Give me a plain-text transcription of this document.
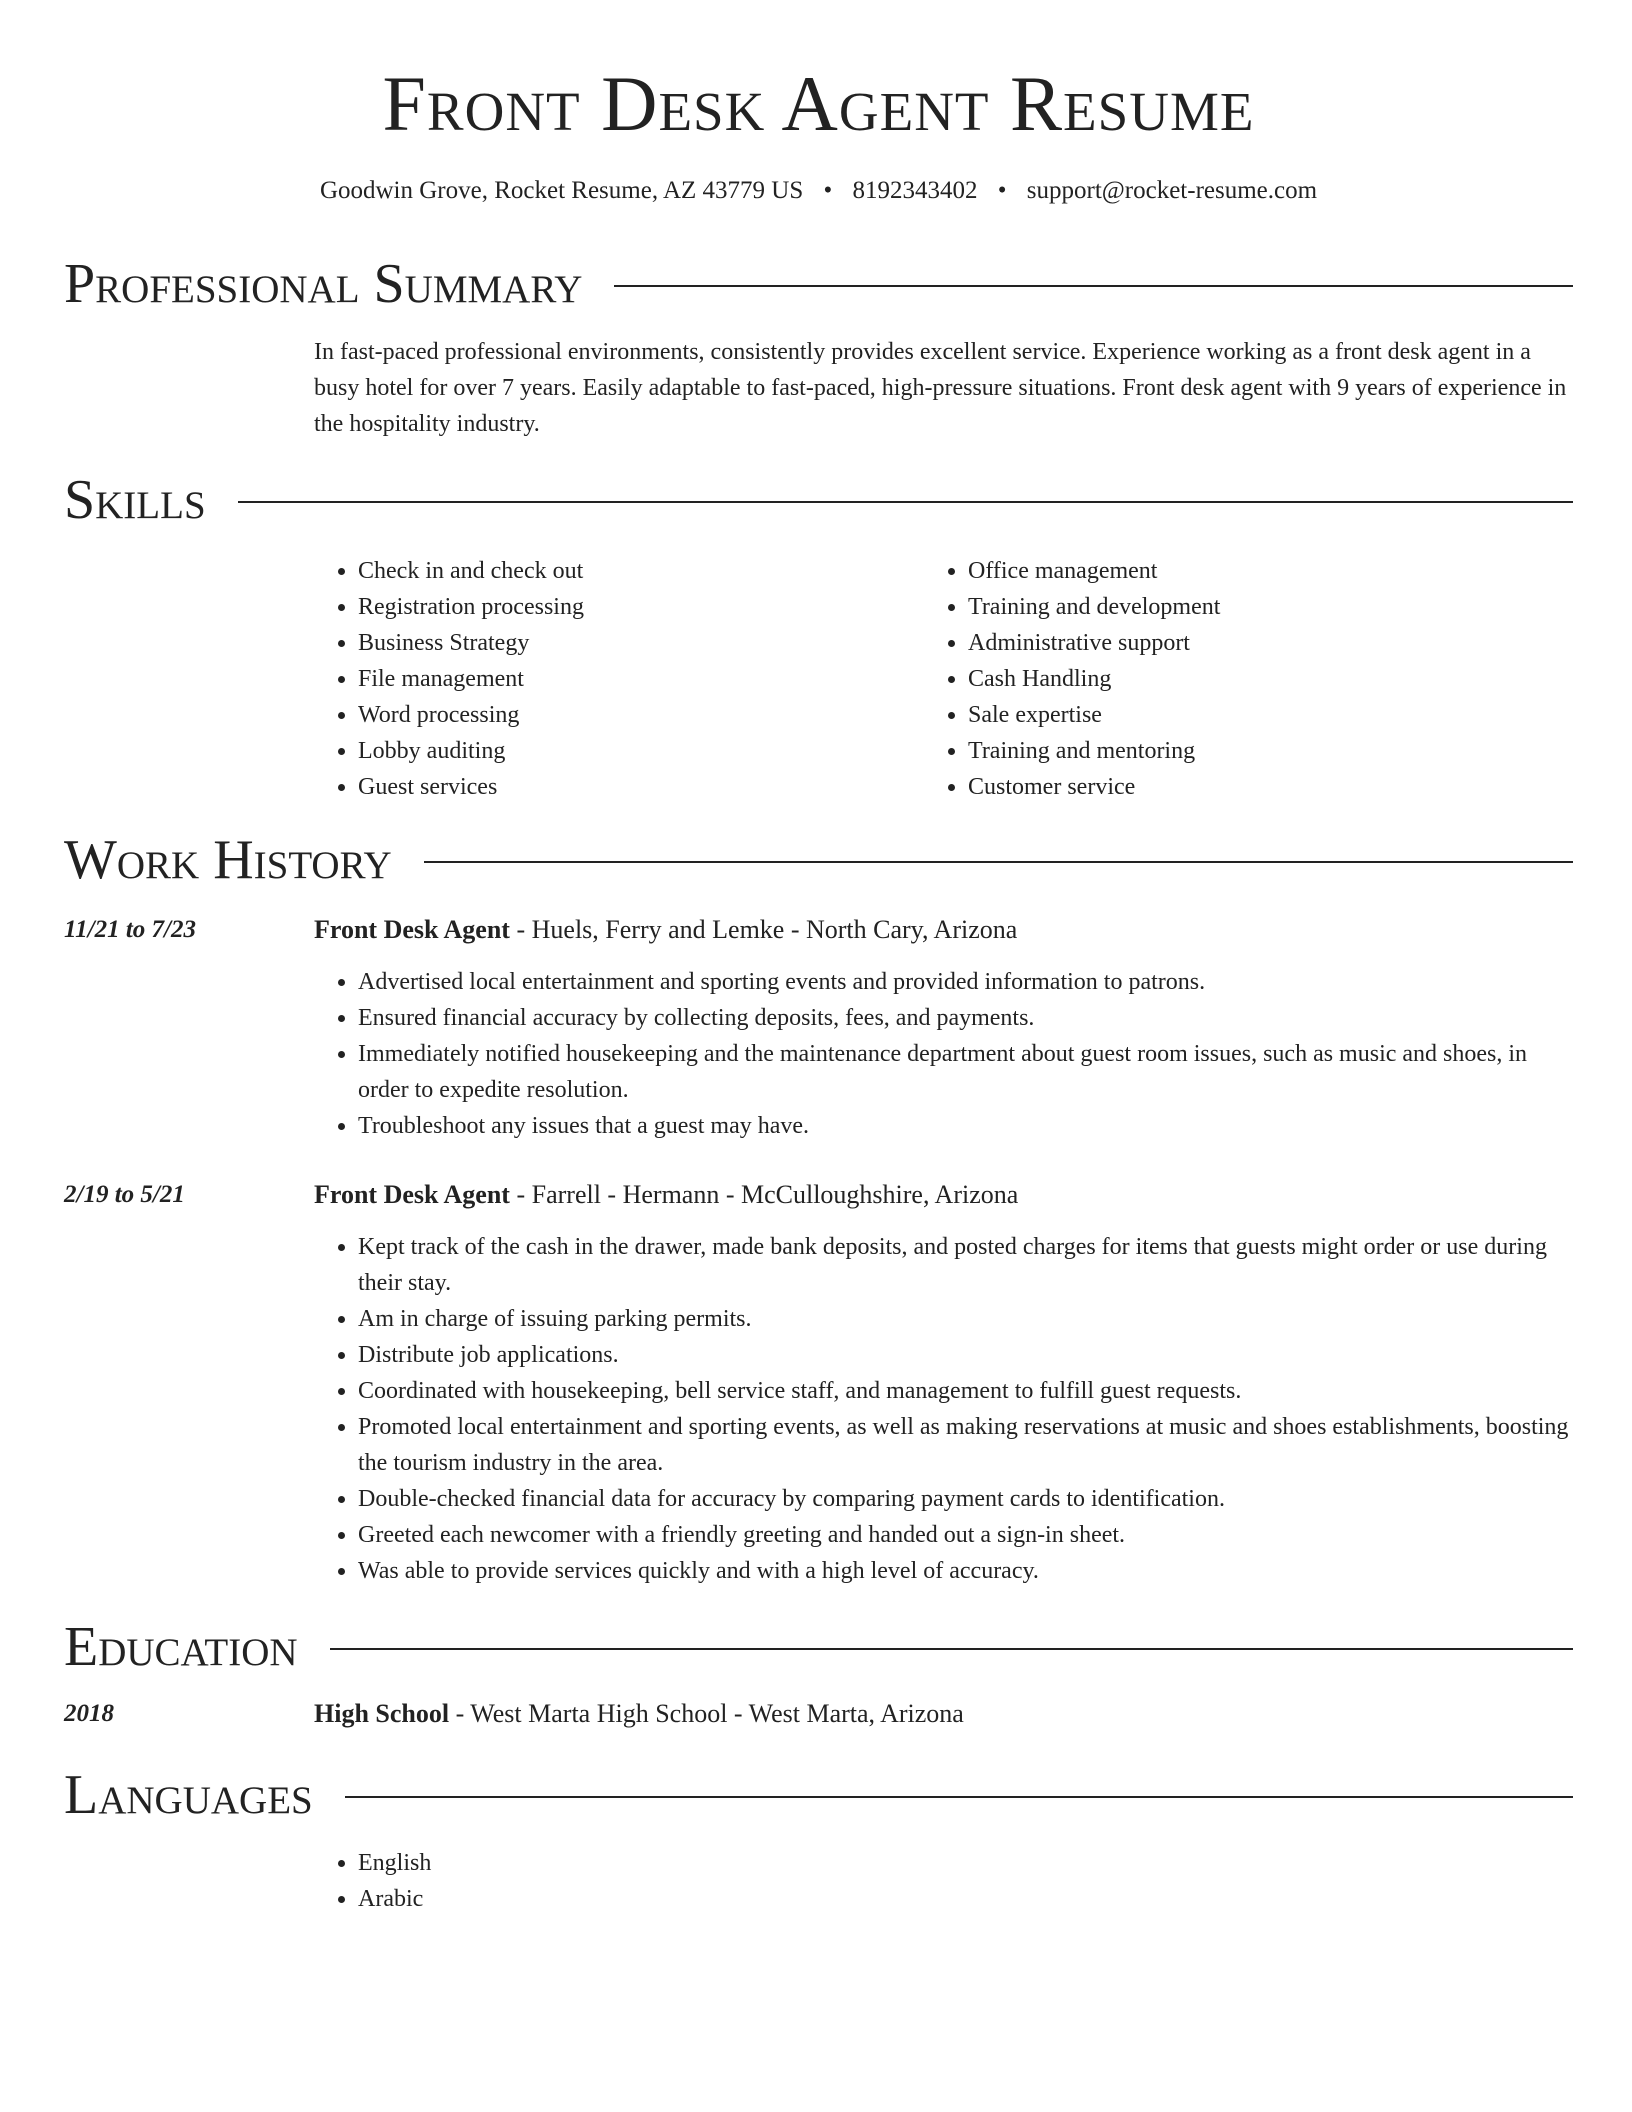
Front Desk Agent Resume
Goodwin Grove, Rocket Resume, AZ 43779 US • 8192343402 • support@rocket-resume.com
Professional Summary
In fast-paced professional environments, consistently provides excellent service. Experience working as a front desk agent in a busy hotel for over 7 years. Easily adaptable to fast-paced, high-pressure situations. Front desk agent with 9 years of experience in the hospitality industry.
Skills
• Check in and check out
• Registration processing
• Business Strategy
• File management
• Word processing
• Lobby auditing
• Guest services
• Office management
• Training and development
• Administrative support
• Cash Handling
• Sale expertise
• Training and mentoring
• Customer service
Work History
11/21 to 7/23	Front Desk Agent - Huels, Ferry and Lemke - North Cary, Arizona
• Advertised local entertainment and sporting events and provided information to patrons.
• Ensured financial accuracy by collecting deposits, fees, and payments.
• Immediately notified housekeeping and the maintenance department about guest room issues, such as music and shoes, in order to expedite resolution.
• Troubleshoot any issues that a guest may have.
2/19 to 5/21	Front Desk Agent - Farrell - Hermann - McCulloughshire, Arizona
• Kept track of the cash in the drawer, made bank deposits, and posted charges for items that guests might order or use during their stay.
• Am in charge of issuing parking permits.
• Distribute job applications.
• Coordinated with housekeeping, bell service staff, and management to fulfill guest requests.
• Promoted local entertainment and sporting events, as well as making reservations at music and shoes establishments, boosting the tourism industry in the area.
• Double-checked financial data for accuracy by comparing payment cards to identification.
• Greeted each newcomer with a friendly greeting and handed out a sign-in sheet.
• Was able to provide services quickly and with a high level of accuracy.
Education
2018	High School - West Marta High School - West Marta, Arizona
Languages
• English
• Arabic
